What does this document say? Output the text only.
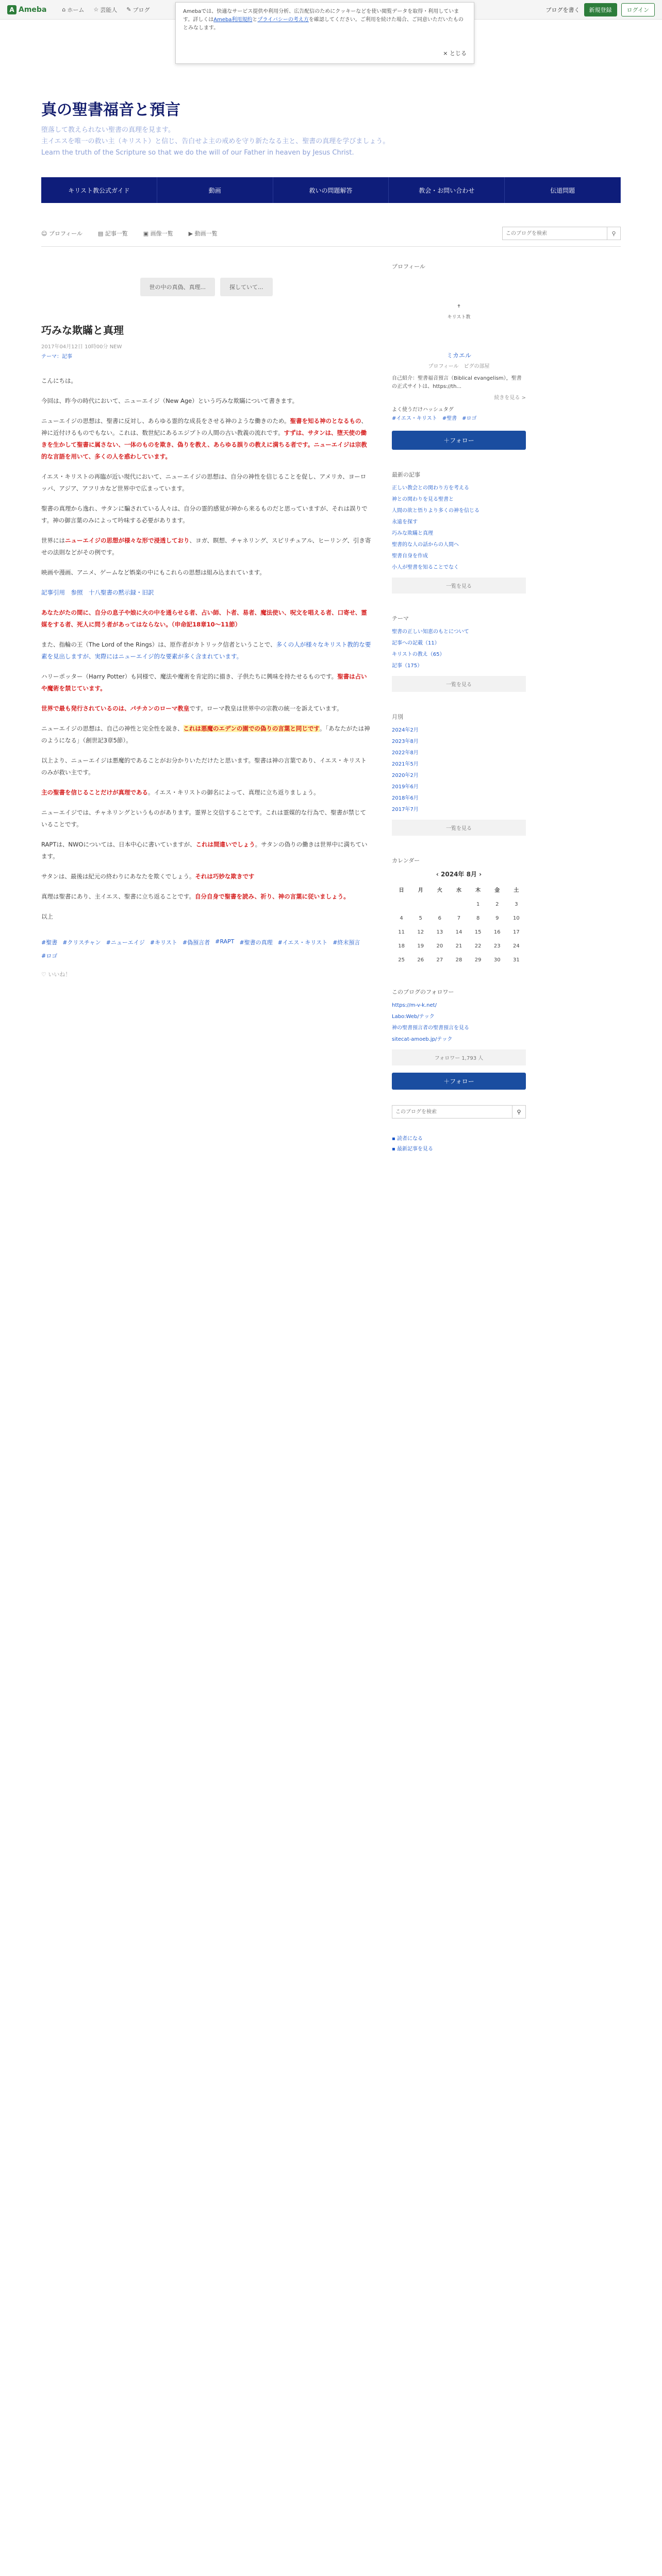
A Ameba	⌂ ホーム ☆ 芸能人 ✎ ブログ	ブログを書く	新規登録	ログイン
Amebaでは、快適なサービス提供や利用分析、広告配信のためにクッキーなどを使い閲覧データを取得・利用しています。詳しくはAmeba利用規約とプライバシーの考え方を確認してください。ご利用を続けた場合、ご同意いただいたものとみなします。
× とじる
真の聖書福音と預言
堕落して教えられない聖書の真理を見ます。
主イエスを唯一の救い主（キリスト）と信じ、告白せよ主の戒めを守り新たなる主と、聖書の真理を学びましょう。
Learn the truth of the Scripture so that we do the will of our Father in heaven by Jesus Christ.
キリスト教公式ガイド	動画	救いの問題解答	教会・お問い合わせ	伝道問題
☺ プロフィール	▤ 記事一覧	▣ 画像一覧	▶ 動画一覧
このブログを検索	⚲
世の中の真偽、真理...	探していて...
巧みな欺瞞と真理
2017年04月12日 10時00分 NEW
テーマ：記事

こんにちは。

今回は、昨今の時代において、ニューエイジ（New Age）という巧みな欺瞞について書きます。

ニューエイジの思想は、聖書に反対し、あらゆる霊的な成長をさせる神のような働きのため。聖書を知る神のとなるもの、神に近付けるものでもない。これは、数世紀にあるエジプトの人間の古い教義の流れです。すずは、サタンは、堕天使の働きを生かして聖書に属さない、一体のものを欺き、偽りを教え、あらゆる誤りの教えに満ちる者です。ニューエイジは宗教的な言語を用いて、多くの人を惑わしています。

イエス・キリストの再臨が近い現代において、ニューエイジの思想は、自分の神性を信じることを促し、アメリカ、ヨーロッパ、アジア、アフリカなど世界中で広まっています。

聖書の真理から逸れ、サタンに騙されている人々は、自分の霊的感覚が神から来るものだと思っていますが、それは誤りです。神の御言葉のみによって吟味する必要があります。

世界にはニューエイジの思想が様々な形で浸透しており、ヨガ、瞑想、チャネリング、スピリチュアル、ヒーリング、引き寄せの法則などがその例です。

映画や漫画、アニメ、ゲームなど娯楽の中にもこれらの思想は組み込まれています。

記事引用　参照　十八聖書の黙示録・旧訳

あなたがたの間に、自分の息子や娘に火の中を通らせる者、占い師、卜者、易者、魔法使い、呪文を唱える者、口寄せ、霊媒をする者、死人に問う者があってはならない。（申命記18章10〜11節）

また、指輪の王（The Lord of the Rings）は、原作者がカトリック信者ということで、多くの人が様々なキリスト教的な要素を見出しますが、実際にはニューエイジ的な要素が多く含まれています。

ハリーポッター（Harry Potter）も同様で、魔法や魔術を肯定的に描き、子供たちに興味を持たせるものです。聖書は占いや魔術を禁じています。

世界で最も発行されているのは、パチカンのローマ教皇です。ローマ教皇は世界中の宗教の統一を訴えています。

ニューエイジの思想は、自己の神性と完全性を説き、これは悪魔のエデンの園での偽りの言葉と同じです。「あなたがたは神のようになる」（創世記3章5節）。

以上より、ニューエイジは悪魔的であることがお分かりいただけたと思います。聖書は神の言葉であり、イエス・キリストのみが救い主です。

主の聖書を信じることだけが真理である。イエス・キリストの御名によって、真理に立ち返りましょう。

ニューエイジでは、チャネリングというものがあります。霊界と交信することです。これは霊媒的な行為で、聖書が禁じていることです。

RAPTは、NWOについては、日本中心に書いていますが、これは間違いでしょう。サタンの偽りの働きは世界中に満ちています。

サタンは、最後は紀元の終わりにあなたを欺くでしょう。それは巧妙な欺きです

真理は聖書にあり、主イエス、聖書に立ち返ることです。自分自身で聖書を読み、祈り、神の言葉に従いましょう。

以上

#聖書 #クリスチャン #ニューエイジ #キリスト #偽預言者 #RAPT #聖書の真理 #イエス・キリスト #終末預言
#ロゴ
♡ いいね！
プロフィール
✝
キリスト教
ミカエル
プロフィール　ピグの部屋
自己紹介：聖書福音預言（Biblical evangelism），聖書の正式サイトは、https://th...
続きを見る >
よく使うだけハッシュタグ
#イエス・キリスト　#聖書　#ロゴ
＋フォロー
最新の記事
正しい教会との関わり方を考える
神との関わりを見る聖書と
人間の欲と悟りより多くの神を信じる
永遠を探す
巧みな欺瞞と真理
聖書的な人の話からの人間へ
聖書自身を作成
小人が聖書を知ることでなく
一覧を見る
テーマ
聖書の正しい知恵のもとについて
記事への記載（11）
キリストの教え（65）
記事（175）
一覧を見る
月別
2024年2月
2023年8月
2022年8月
2021年5月
2020年2月
2019年6月
2018年6月
2017年7月
一覧を見る
カレンダー
‹ 2024年 8月 ›
日	月	火	水	木	金	土
				1	2	3
4	5	6	7	8	9	10
11	12	13	14	15	16	17
18	19	20	21	22	23	24
25	26	27	28	29	30	31
このブログのフォロワー
https://m-v-k.net/
Labo:Web/テック
神の聖書預言者の聖書預言を見る
sitecat-amoeb.jp/テック
フォロワー 1,793 人
＋フォロー
このブログを検索
⚲
▪ 読者になる
▪ 最新記事を見る
